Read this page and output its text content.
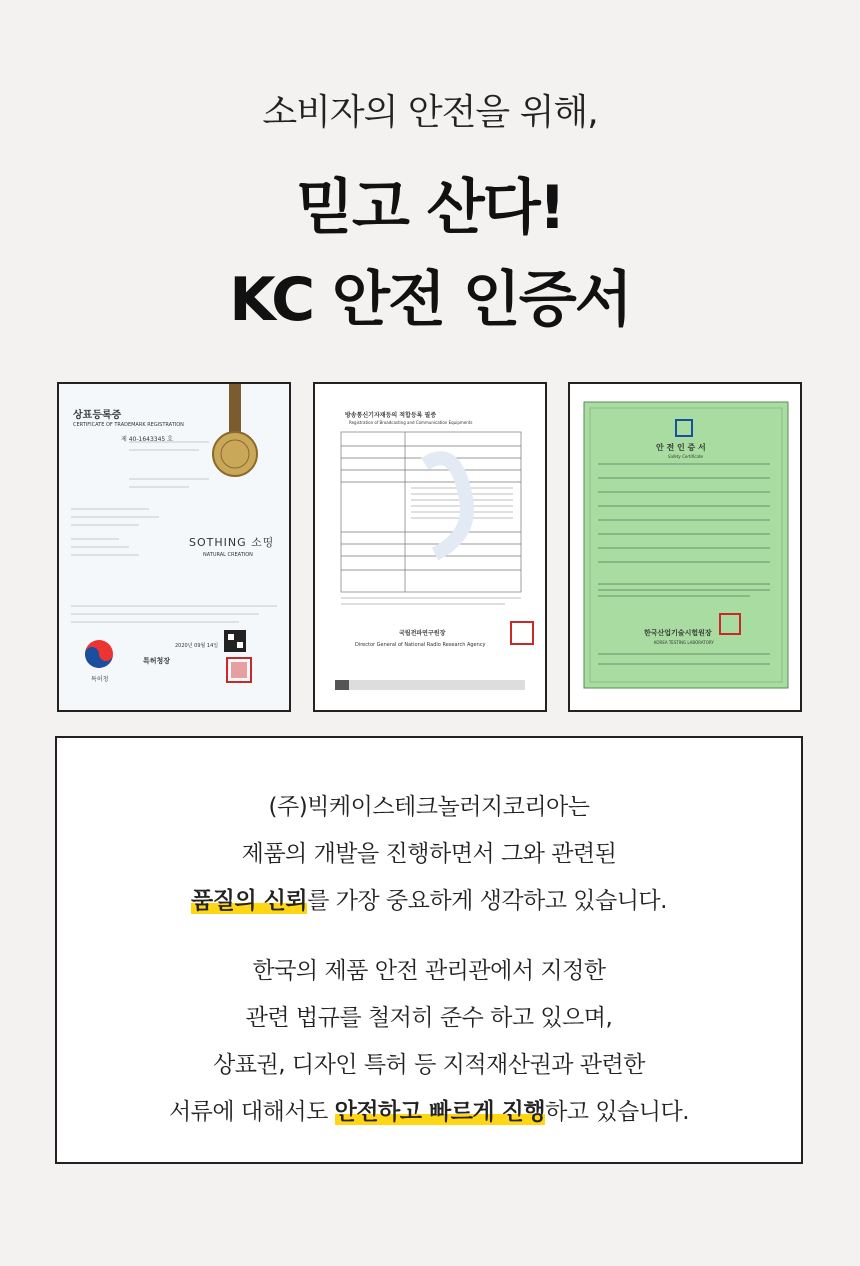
소비자의 안전을 위해,
믿고 산다!
KC 안전 인증서
상표등록증
CERTIFICATE OF TRADEMARK REGISTRATION
제 40-1643345 호
SOTHING 소띵
NATURAL CREATION
2020년 09월 14일
특허청장
특허청
방송통신기자재등의 적합등록 필증
Registration of Broadcasting and Communication Equipments
국립전파연구원장
Director General of National Radio Research Agency
안 전 인 증 서
Safety Certificate
한국산업기술시험원장
KOREA TESTING LABORATORY
(주)빅케이스테크놀러지코리아는
제품의 개발을 진행하면서 그와 관련된
품질의 신뢰를 가장 중요하게 생각하고 있습니다.
한국의 제품 안전 관리관에서 지정한
관련 법규를 철저히 준수 하고 있으며,
상표권, 디자인 특허 등 지적재산권과 관련한
서류에 대해서도 안전하고 빠르게 진행하고 있습니다.
